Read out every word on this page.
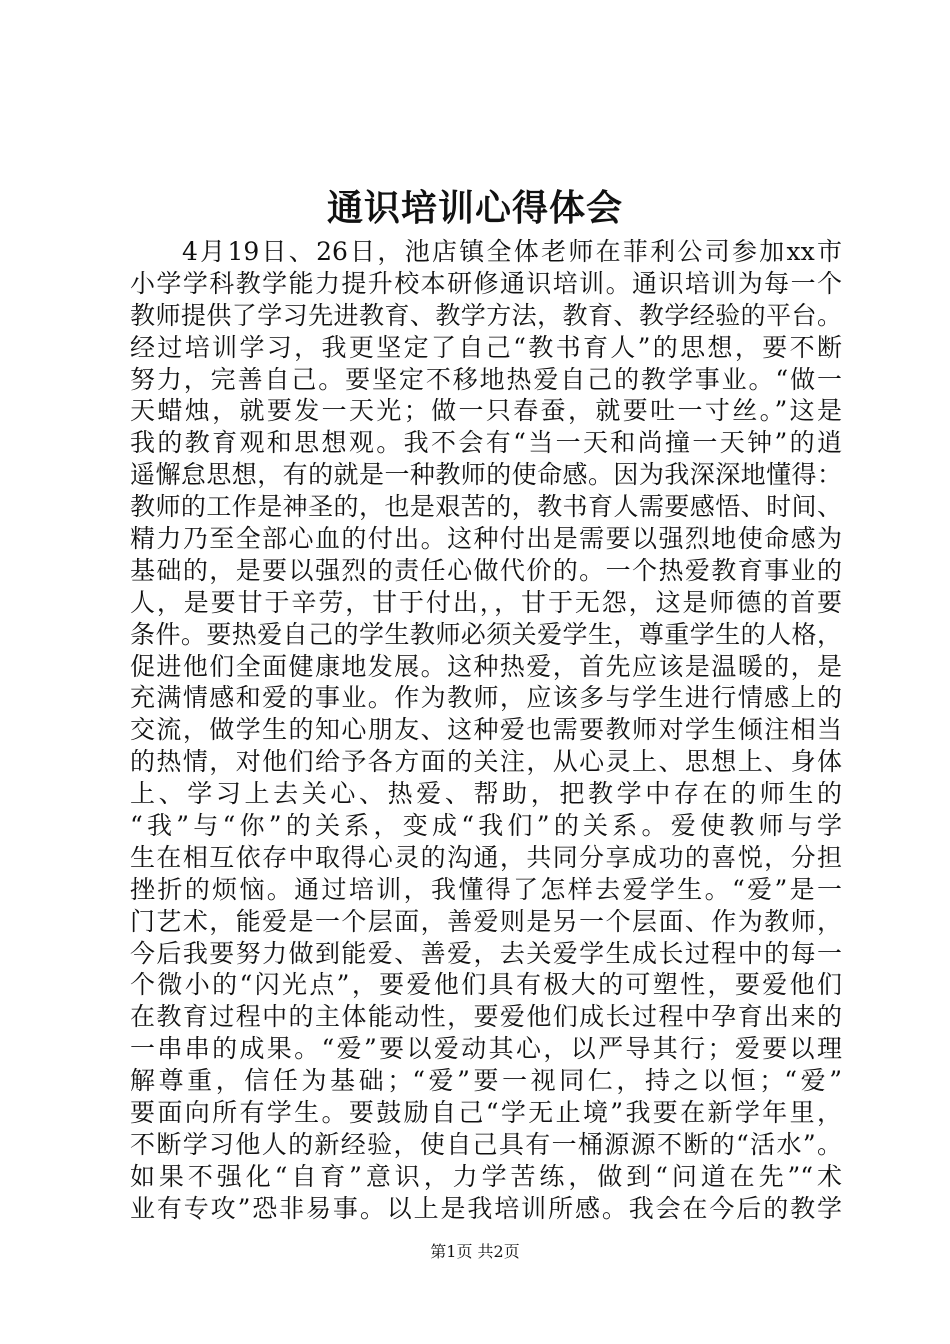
通识培训心得体会
4月19日、26日，池店镇全体老师在菲利公司参加xx市
小学学科教学能力提升校本研修通识培训。通识培训为每一个
教师提供了学习先进教育、教学方法，教育、教学经验的平台。
经过培训学习，我更坚定了自己“教书育人”的思想，要不断
努力，完善自己。要坚定不移地热爱自己的教学事业。“做一
天蜡烛，就要发一天光；做一只春蚕，就要吐一寸丝。”这是
我的教育观和思想观。我不会有“当一天和尚撞一天钟”的逍
遥懈怠思想，有的就是一种教师的使命感。因为我深深地懂得：
教师的工作是神圣的，也是艰苦的，教书育人需要感悟、时间、
精力乃至全部心血的付出。这种付出是需要以强烈地使命感为
基础的，是要以强烈的责任心做代价的。一个热爱教育事业的
人，是要甘于辛劳，甘于付出，，甘于无怨，这是师德的首要
条件。要热爱自己的学生教师必须关爱学生，尊重学生的人格，
促进他们全面健康地发展。这种热爱，首先应该是温暖的，是
充满情感和爱的事业。作为教师，应该多与学生进行情感上的
交流，做学生的知心朋友、这种爱也需要教师对学生倾注相当
的热情，对他们给予各方面的关注，从心灵上、思想上、身体
上、学习上去关心、热爱、帮助，把教学中存在的师生的
“我”与“你”的关系，变成“我们”的关系。爱使教师与学
生在相互依存中取得心灵的沟通，共同分享成功的喜悦，分担
挫折的烦恼。通过培训，我懂得了怎样去爱学生。“爱”是一
门艺术，能爱是一个层面，善爱则是另一个层面、作为教师，
今后我要努力做到能爱、善爱，去关爱学生成长过程中的每一
个微小的“闪光点”，要爱他们具有极大的可塑性，要爱他们
在教育过程中的主体能动性，要爱他们成长过程中孕育出来的
一串串的成果。“爱”要以爱动其心，以严导其行；爱要以理
解尊重，信任为基础；“爱”要一视同仁，持之以恒；“爱”
要面向所有学生。要鼓励自己“学无止境”我要在新学年里，
不断学习他人的新经验，使自己具有一桶源源不断的“活水”。
如果不强化“自育”意识，力学苦练，做到“问道在先”“术
业有专攻”恐非易事。以上是我培训所感。我会在今后的教学
第1页 共2页
